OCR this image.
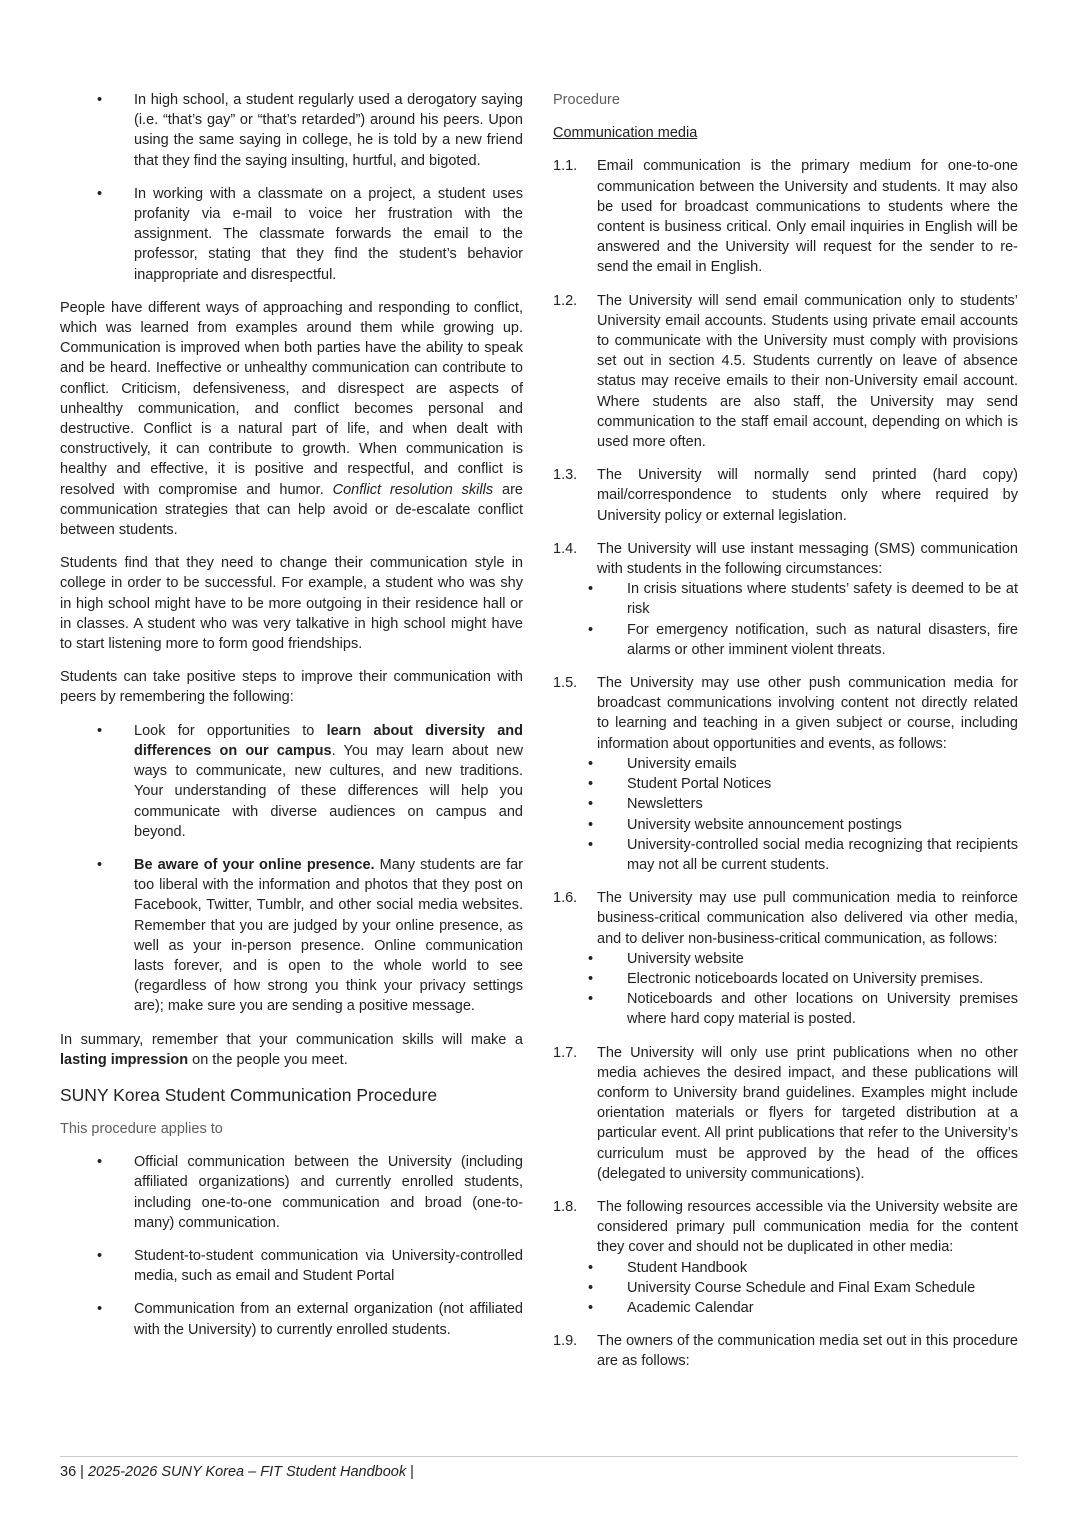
•	In high school, a student regularly used a derogatory saying (i.e. “that’s gay” or “that’s retarded”) around his peers. Upon using the same saying in college, he is told by a new friend that they find the saying insulting, hurtful, and bigoted.
•	In working with a classmate on a project, a student uses profanity via e-mail to voice her frustration with the assignment. The classmate forwards the email to the professor, stating that they find the student’s behavior inappropriate and disrespectful.
People have different ways of approaching and responding to conflict, which was learned from examples around them while growing up. Communication is improved when both parties have the ability to speak and be heard. Ineffective or unhealthy communication can contribute to conflict. Criticism, defensiveness, and disrespect are aspects of unhealthy communication, and conflict becomes personal and destructive. Conflict is a natural part of life, and when dealt with constructively, it can contribute to growth. When communication is healthy and effective, it is positive and respectful, and conflict is resolved with compromise and humor. Conflict resolution skills are communication strategies that can help avoid or de-escalate conflict between students.
Students find that they need to change their communication style in college in order to be successful. For example, a student who was shy in high school might have to be more outgoing in their residence hall or in classes. A student who was very talkative in high school might have to start listening more to form good friendships.
Students can take positive steps to improve their communication with peers by remembering the following:
•	Look for opportunities to learn about diversity and differences on our campus. You may learn about new ways to communicate, new cultures, and new traditions. Your understanding of these differences will help you communicate with diverse audiences on campus and beyond.
•	Be aware of your online presence. Many students are far too liberal with the information and photos that they post on Facebook, Twitter, Tumblr, and other social media websites. Remember that you are judged by your online presence, as well as your in-person presence. Online communication lasts forever, and is open to the whole world to see (regardless of how strong you think your privacy settings are); make sure you are sending a positive message.
In summary, remember that your communication skills will make a lasting impression on the people you meet.
SUNY Korea Student Communication Procedure
This procedure applies to
•	Official communication between the University (including affiliated organizations) and currently enrolled students, including one-to-one communication and broad (one-to-many) communication.
•	Student-to-student communication via University-controlled media, such as email and Student Portal
•	Communication from an external organization (not affiliated with the University) to currently enrolled students.
Procedure
Communication media
1.1.	Email communication is the primary medium for one-to-one communication between the University and students. It may also be used for broadcast communications to students where the content is business critical. Only email inquiries in English will be answered and the University will request for the sender to re-send the email in English.
1.2.	The University will send email communication only to students’ University email accounts. Students using private email accounts to communicate with the University must comply with provisions set out in section 4.5. Students currently on leave of absence status may receive emails to their non-University email account. Where students are also staff, the University may send communication to the staff email account, depending on which is used more often.
1.3.	The University will normally send printed (hard copy) mail/correspondence to students only where required by University policy or external legislation.
1.4.	The University will use instant messaging (SMS) communication with students in the following circumstances:
•	In crisis situations where students’ safety is deemed to be at risk
•	For emergency notification, such as natural disasters, fire alarms or other imminent violent threats.
1.5.	The University may use other push communication media for broadcast communications involving content not directly related to learning and teaching in a given subject or course, including information about opportunities and events, as follows:
•	University emails
•	Student Portal Notices
•	Newsletters
•	University website announcement postings
•	University-controlled social media recognizing that recipients may not all be current students.
1.6.	The University may use pull communication media to reinforce business-critical communication also delivered via other media, and to deliver non-business-critical communication, as follows:
•	University website
•	Electronic noticeboards located on University premises.
•	Noticeboards and other locations on University premises where hard copy material is posted.
1.7.	The University will only use print publications when no other media achieves the desired impact, and these publications will conform to University brand guidelines. Examples might include orientation materials or flyers for targeted distribution at a particular event. All print publications that refer to the University’s curriculum must be approved by the head of the offices (delegated to university communications).
1.8.	The following resources accessible via the University website are considered primary pull communication media for the content they cover and should not be duplicated in other media:
•	Student Handbook
•	University Course Schedule and Final Exam Schedule
•	Academic Calendar
1.9.	The owners of the communication media set out in this procedure are as follows:
36 | 2025-2026 SUNY Korea – FIT Student Handbook |
